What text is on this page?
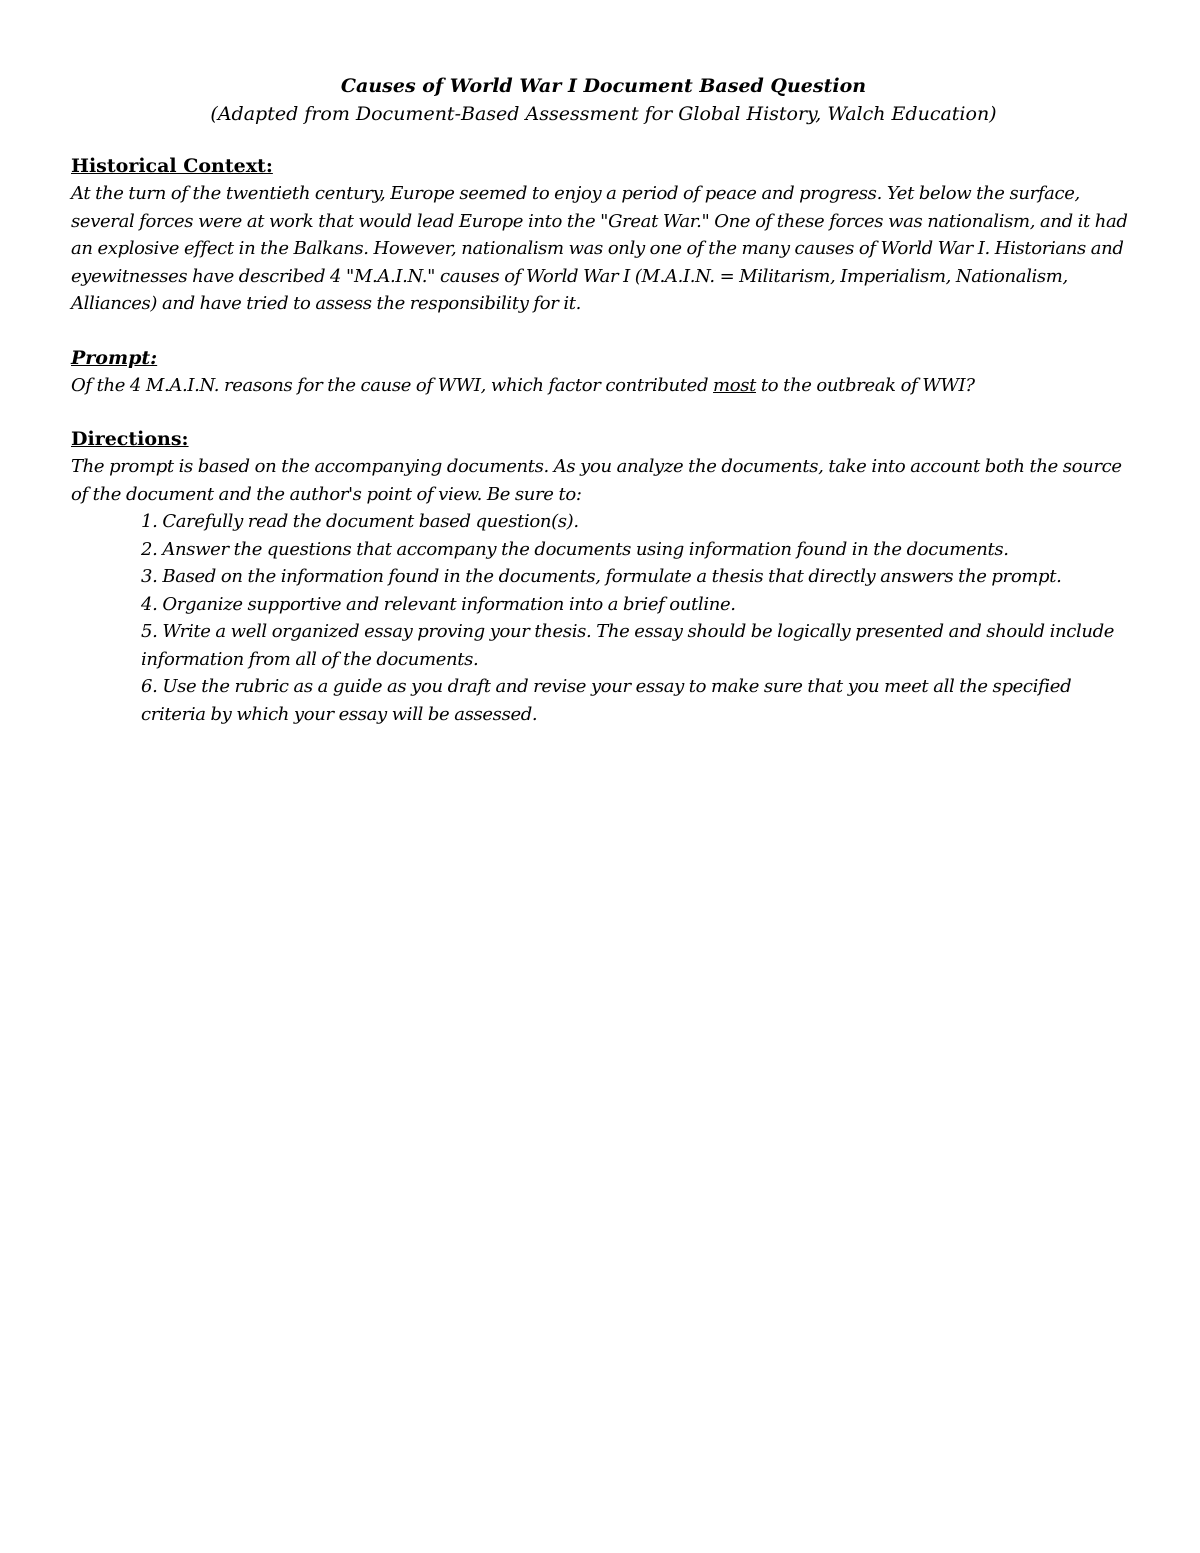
Causes of World War I Document Based Question

(Adapted from Document-Based Assessment for Global History, Walch Education)

Historical Context:

At the turn of the twentieth century, Europe seemed to enjoy a period of peace and progress. Yet below the surface, several forces were at work that would lead Europe into the "Great War." One of these forces was nationalism, and it had an explosive effect in the Balkans. However, nationalism was only one of the many causes of World War I. Historians and eyewitnesses have described 4 "M.A.I.N." causes of World War I (M.A.I.N. = Militarism, Imperialism, Nationalism, Alliances) and have tried to assess the responsibility for it.

Prompt:

Of the 4 M.A.I.N. reasons for the cause of WWI, which factor contributed most to the outbreak of WWI?

Directions:

The prompt is based on the accompanying documents. As you analyze the documents, take into account both the source of the document and the author's point of view. Be sure to:

1. Carefully read the document based question(s).
2. Answer the questions that accompany the documents using information found in the documents.
3. Based on the information found in the documents, formulate a thesis that directly answers the prompt.
4. Organize supportive and relevant information into a brief outline.
5. Write a well organized essay proving your thesis. The essay should be logically presented and should include information from all of the documents.
6. Use the rubric as a guide as you draft and revise your essay to make sure that you meet all the specified criteria by which your essay will be assessed.
